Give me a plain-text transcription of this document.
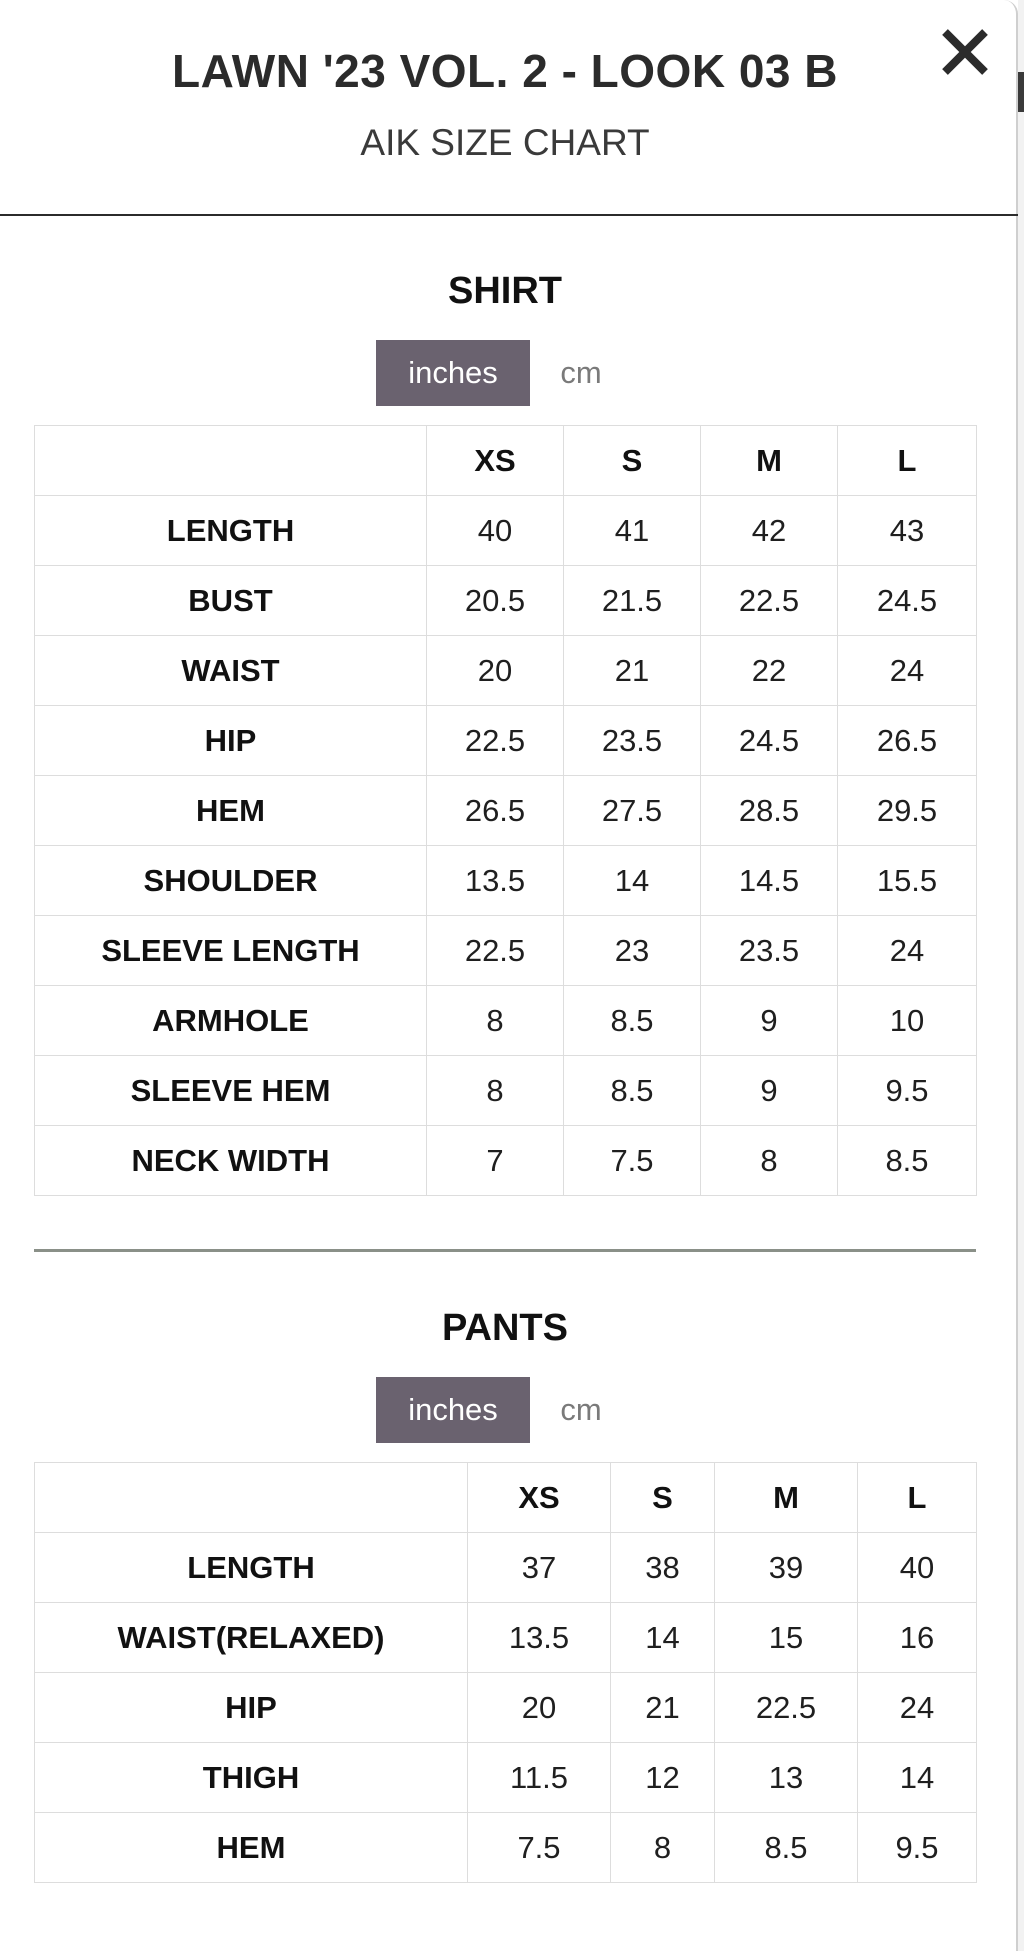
LAWN '23 VOL. 2 - LOOK 03 B
AIK SIZE CHART
SHIRT
inches	cm
	XS	S	M	L
LENGTH	40	41	42	43
BUST	20.5	21.5	22.5	24.5
WAIST	20	21	22	24
HIP	22.5	23.5	24.5	26.5
HEM	26.5	27.5	28.5	29.5
SHOULDER	13.5	14	14.5	15.5
SLEEVE LENGTH	22.5	23	23.5	24
ARMHOLE	8	8.5	9	10
SLEEVE HEM	8	8.5	9	9.5
NECK WIDTH	7	7.5	8	8.5
PANTS
inches	cm
	XS	S	M	L
LENGTH	37	38	39	40
WAIST(RELAXED)	13.5	14	15	16
HIP	20	21	22.5	24
THIGH	11.5	12	13	14
HEM	7.5	8	8.5	9.5
